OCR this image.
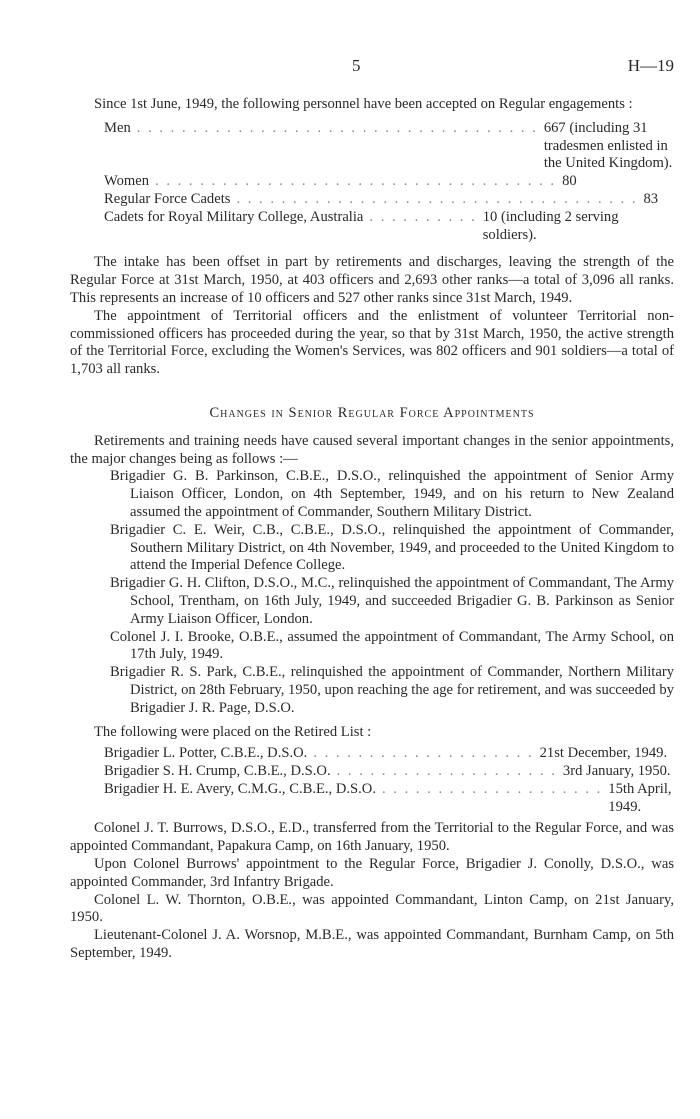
5	H—19

Since 1st June, 1949, the following personnel have been accepted on Regular engagements :

Men . . . . . . . . . . . . . . . . . . . . . . . . . . . . . . . . . . . . 667 (including 31 tradesmen enlisted in the United Kingdom).
Women . . . . . . . . . . . . . . . . . . . . . . . . . . . . . . . . . . . . 80
Regular Force Cadets . . . . . . . . . . . . . . . . . . . . . . . . . . . . . . . . . . . . 83
Cadets for Royal Military College, Australia . . . . . . . . . . 10 (including 2 serving soldiers).

The intake has been offset in part by retirements and discharges, leaving the strength of the Regular Force at 31st March, 1950, at 403 officers and 2,693 other ranks—a total of 3,096 all ranks. This represents an increase of 10 officers and 527 other ranks since 31st March, 1949.

The appointment of Territorial officers and the enlistment of volunteer Territorial non-commissioned officers has proceeded during the year, so that by 31st March, 1950, the active strength of the Territorial Force, excluding the Women's Services, was 802 officers and 901 soldiers—a total of 1,703 all ranks.

Changes in Senior Regular Force Appointments

Retirements and training needs have caused several important changes in the senior appointments, the major changes being as follows :—

Brigadier G. B. Parkinson, C.B.E., D.S.O., relinquished the appointment of Senior Army Liaison Officer, London, on 4th September, 1949, and on his return to New Zealand assumed the appointment of Commander, Southern Military District.

Brigadier C. E. Weir, C.B., C.B.E., D.S.O., relinquished the appointment of Commander, Southern Military District, on 4th November, 1949, and proceeded to the United Kingdom to attend the Imperial Defence College.

Brigadier G. H. Clifton, D.S.O., M.C., relinquished the appointment of Commandant, The Army School, Trentham, on 16th July, 1949, and succeeded Brigadier G. B. Parkinson as Senior Army Liaison Officer, London.

Colonel J. I. Brooke, O.B.E., assumed the appointment of Commandant, The Army School, on 17th July, 1949.

Brigadier R. S. Park, C.B.E., relinquished the appointment of Commander, Northern Military District, on 28th February, 1950, upon reaching the age for retirement, and was succeeded by Brigadier J. R. Page, D.S.O.

The following were placed on the Retired List :

Brigadier L. Potter, C.B.E., D.S.O. . . . . . . . . . . . . . . . . . . . . 21st December, 1949.
Brigadier S. H. Crump, C.B.E., D.S.O. . . . . . . . . . . . . . . . . . . . . 3rd January, 1950.
Brigadier H. E. Avery, C.M.G., C.B.E., D.S.O. . . . . . . . . . . . . . . . . . . . . 15th April, 1949.

Colonel J. T. Burrows, D.S.O., E.D., transferred from the Territorial to the Regular Force, and was appointed Commandant, Papakura Camp, on 16th January, 1950.

Upon Colonel Burrows' appointment to the Regular Force, Brigadier J. Conolly, D.S.O., was appointed Commander, 3rd Infantry Brigade.

Colonel L. W. Thornton, O.B.E., was appointed Commandant, Linton Camp, on 21st January, 1950.

Lieutenant-Colonel J. A. Worsnop, M.B.E., was appointed Commandant, Burnham Camp, on 5th September, 1949.
